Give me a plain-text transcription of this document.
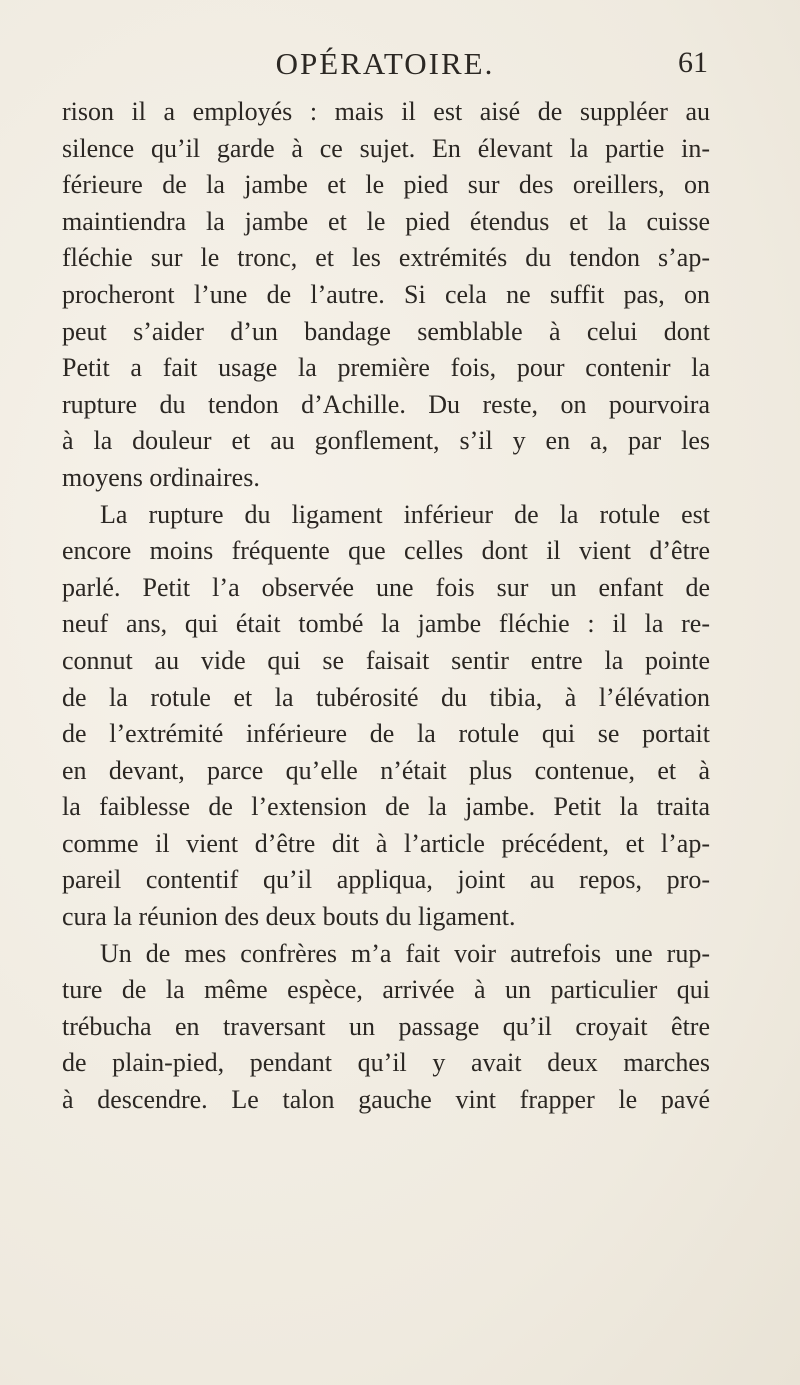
OPÉRATOIRE.	61
rison il a employés : mais il est aisé de suppléer au
silence qu’il garde à ce sujet. En élevant la partie in-
férieure de la jambe et le pied sur des oreillers, on
maintiendra la jambe et le pied étendus et la cuisse
fléchie sur le tronc, et les extrémités du tendon s’ap-
procheront l’une de l’autre. Si cela ne suffit pas, on
peut s’aider d’un bandage semblable à celui dont
Petit a fait usage la première fois, pour contenir la
rupture du tendon d’Achille. Du reste, on pourvoira
à la douleur et au gonflement, s’il y en a, par les
moyens ordinaires.
La rupture du ligament inférieur de la rotule est
encore moins fréquente que celles dont il vient d’être
parlé. Petit l’a observée une fois sur un enfant de
neuf ans, qui était tombé la jambe fléchie : il la re-
connut au vide qui se faisait sentir entre la pointe
de la rotule et la tubérosité du tibia, à l’élévation
de l’extrémité inférieure de la rotule qui se portait
en devant, parce qu’elle n’était plus contenue, et à
la faiblesse de l’extension de la jambe. Petit la traita
comme il vient d’être dit à l’article précédent, et l’ap-
pareil contentif qu’il appliqua, joint au repos, pro-
cura la réunion des deux bouts du ligament.
Un de mes confrères m’a fait voir autrefois une rup-
ture de la même espèce, arrivée à un particulier qui
trébucha en traversant un passage qu’il croyait être
de plain-pied, pendant qu’il y avait deux marches
à descendre. Le talon gauche vint frapper le pavé
